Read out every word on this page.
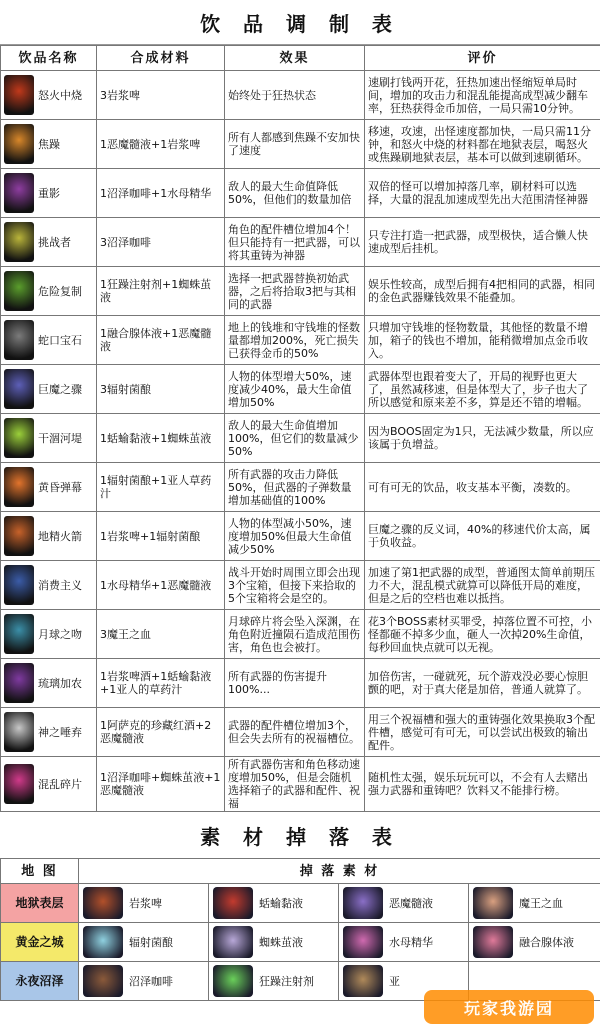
饮 品 调 制 表
饮品名称	合成材料	效果	评价

怒火中烧	3岩浆啤	始终处于狂热状态	速刷打钱两开花，狂热加速出怪缩短单局时间，增加的攻击力和混乱能提高成型减少翻车率，狂热获得金币加倍，一局只需10分钟。

焦躁	1恶魔髓液+1岩浆啤	所有人都感到焦躁不安加快了速度	移速，攻速，出怪速度都加快，一局只需11分钟，和怒火中烧的材料都在地狱表层，喝怒火或焦躁刷地狱表层，基本可以做到速刷循环。

重影	1沼泽咖啡+1水母精华	敌人的最大生命值降低50%，但他们的数量加倍	双倍的怪可以增加掉落几率，刷材料可以选择，大量的混乱加速成型先出大范围清怪神器

挑战者	3沼泽咖啡	角色的配件槽位增加4个！但只能持有一把武器，可以将其重铸为神器	只专注打造一把武器，成型极快，适合懒人快速成型后挂机。

危险复制	1狂躁注射剂+1蜘蛛茧液	选择一把武器替换初始武器，之后将拾取3把与其相同的武器	娱乐性较高，成型后拥有4把相同的武器，相同的金色武器赚钱效果不能叠加。

蛇口宝石	1融合腺体液+1恶魔髓液	地上的钱堆和守钱堆的怪数量都增加200%，死亡损失已获得金币的50%	只增加守钱堆的怪物数量，其他怪的数量不增加，箱子的钱也不增加，能稍微增加点金币收入。

巨魔之骤	3辐射菌酿	人物的体型增大50%，速度减少40%，最大生命值增加50%	武器体型也跟着变大了，开局的视野也更大了，虽然减移速，但是体型大了，步子也大了所以感觉和原来差不多，算是还不错的增幅。

干涸河堤	1蛞蝓黏液+1蜘蛛茧液	敌人的最大生命值增加100%，但它们的数量减少50%	因为BOOS固定为1只，无法减少数量，所以应该属于负增益。

黄昏弹幕	1辐射菌酿+1亚人草药汁	所有武器的攻击力降低50%，但武器的子弹数量增加基础值的100%	可有可无的饮品，收支基本平衡，凑数的。

地精火箭	1岩浆啤+1辐射菌酿	人物的体型减小50%，速度增加50%但最大生命值减少50%	巨魔之骤的反义词，40%的移速代价太高，属于负收益。

消费主义	1水母精华+1恶魔髓液	战斗开始时周围立即会出现3个宝箱，但接下来拾取的5个宝箱将会是空的。	加速了第1把武器的成型，普通图太简单前期压力不大，混乱模式就算可以降低开局的难度，但是之后的空档也难以抵挡。

月球之吻	3魔王之血	月球碎片将会坠入深渊，在角色附近撞陨石造成范围伤害，角色也会被打。	花3个BOSS素材买罪受，掉落位置不可控，小怪都砸不掉多少血，砸人一次掉20%生命值，每秒回血快点就可以无视。

琉璃加农	1岩浆啤酒+1蛞蝓黏液+1亚人的草药汁	所有武器的伤害提升100%...	加倍伤害，一碰就死，玩个游戏没必要心惊胆颤的吧，对于真大佬是加倍，普通人就算了。

神之唾弃	1阿萨克的珍藏红酒+2恶魔髓液	武器的配件槽位增加3个，但会失去所有的祝福槽位。	用三个祝福槽和强大的重铸强化效果换取3个配件槽，感觉可有可无，可以尝试出极致的输出配件。

混乱碎片	1沼泽咖啡+蜘蛛茧液+1恶魔髓液	所有武器伤害和角色移动速度增加50%，但是会随机选择箱子的武器和配件、祝福	随机性太强，娱乐玩玩可以，不会有人去赌出强力武器和重铸吧？饮料又不能排行榜。
素 材 掉 落 表
地 图	掉 落 素 材			
地狱表层	岩浆啤	蛞蝓黏液	恶魔髓液	魔王之血

黄金之城	辐射菌酿	蜘蛛茧液	水母精华	融合腺体液

永夜沼泽	沼泽咖啡	狂躁注射剂	亚	

玩家我游园
